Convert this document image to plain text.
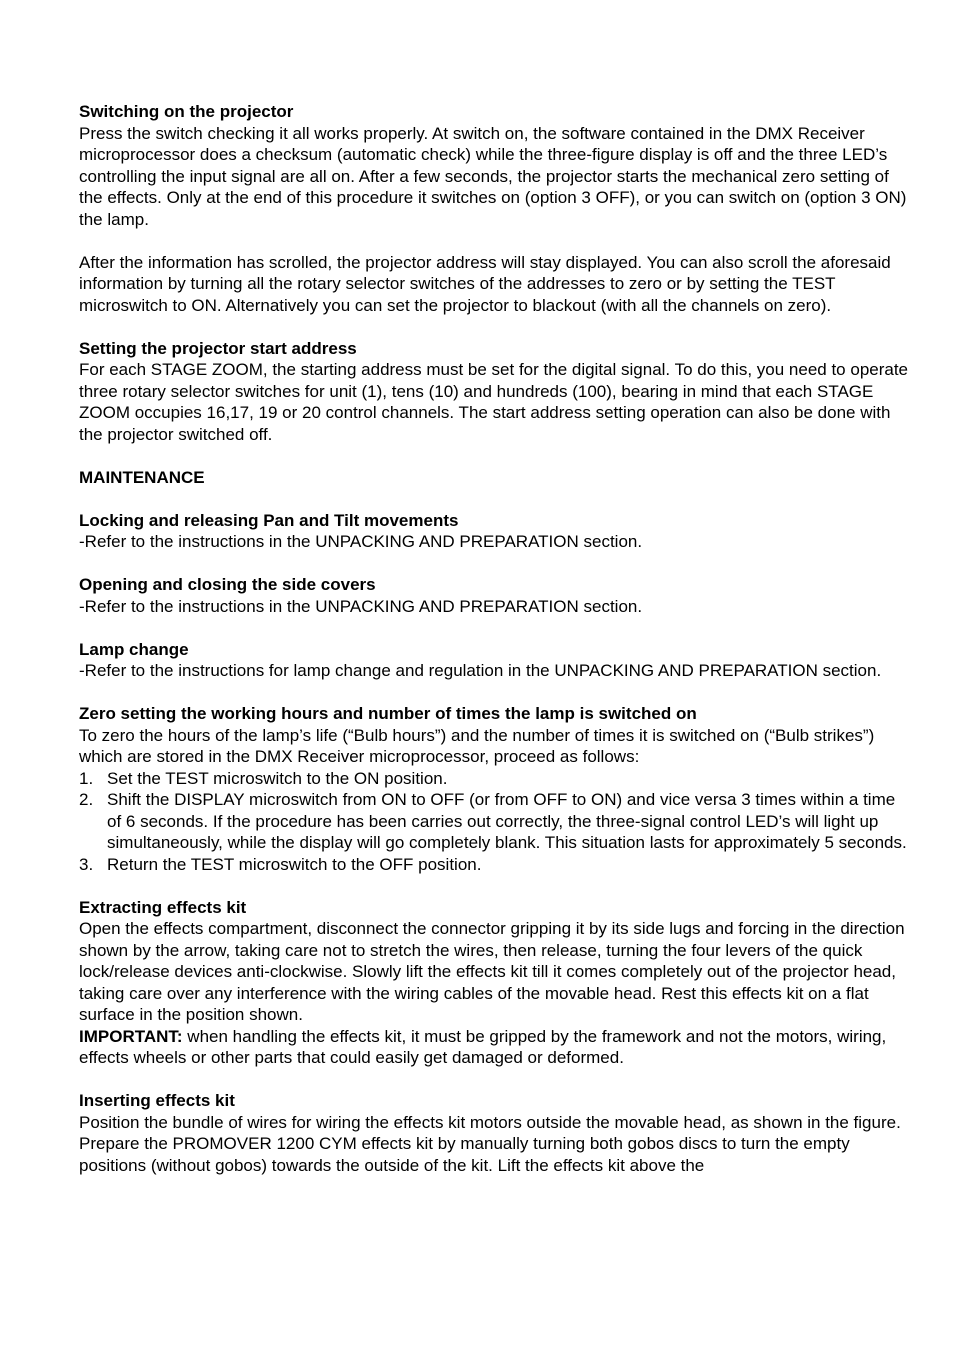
Switching on the projector

Press the switch checking it all works properly. At switch on, the software contained in the DMX Receiver microprocessor does a checksum (automatic check) while the three-figure display is off and the three LED’s controlling the input signal are all on. After a few seconds, the projector starts the mechanical zero setting of the effects. Only at the end of this procedure it switches on (option 3 OFF), or you can switch on (option 3 ON) the lamp.

After the information has scrolled, the projector address will stay displayed. You can also scroll the aforesaid information by turning all the rotary selector switches of the addresses to zero or by setting the TEST microswitch to ON. Alternatively you can set the projector to blackout (with all the channels on zero).

Setting the projector start address

For each STAGE ZOOM, the starting address must be set for the digital signal. To do this, you need to operate three rotary selector switches for unit (1), tens (10) and hundreds (100), bearing in mind that each STAGE ZOOM occupies 16,17, 19 or 20 control channels. The start address setting operation can also be done with the projector switched off.

MAINTENANCE
Locking and releasing Pan and Tilt movements

-Refer to the instructions in the UNPACKING AND PREPARATION section.

Opening and closing the side covers

-Refer to the instructions in the UNPACKING AND PREPARATION section.

Lamp change

-Refer to the instructions for lamp change and regulation in the UNPACKING AND PREPARATION section.

Zero setting the working hours and number of times the lamp is switched on

To zero the hours of the lamp’s life (“Bulb hours”) and the number of times it is switched on (“Bulb strikes”) which are stored in the DMX Receiver microprocessor, proceed as follows:

1. Set the TEST microswitch to the ON position.
2. Shift the DISPLAY microswitch from ON to OFF (or from OFF to ON) and vice versa 3 times within a time of 6 seconds. If the procedure has been carries out correctly, the three-signal control LED’s will light up simultaneously, while the display will go completely blank. This situation lasts for approximately 5 seconds.
3. Return the TEST microswitch to the OFF position.
Extracting effects kit

Open the effects compartment, disconnect the connector gripping it by its side lugs and forcing in the direction shown by the arrow, taking care not to stretch the wires, then release, turning the four levers of the quick lock/release devices anti-clockwise. Slowly lift the effects kit till it comes completely out of the projector head, taking care over any interference with the wiring cables of the movable head. Rest this effects kit on a flat surface in the position shown.

IMPORTANT: when handling the effects kit, it must be gripped by the framework and not the motors, wiring, effects wheels or other parts that could easily get damaged or deformed.

Inserting effects kit

Position the bundle of wires for wiring the effects kit motors outside the movable head, as shown in the figure. Prepare the PROMOVER 1200 CYM effects kit by manually turning both gobos discs to turn the empty positions (without gobos) towards the outside of the kit. Lift the effects kit above the
